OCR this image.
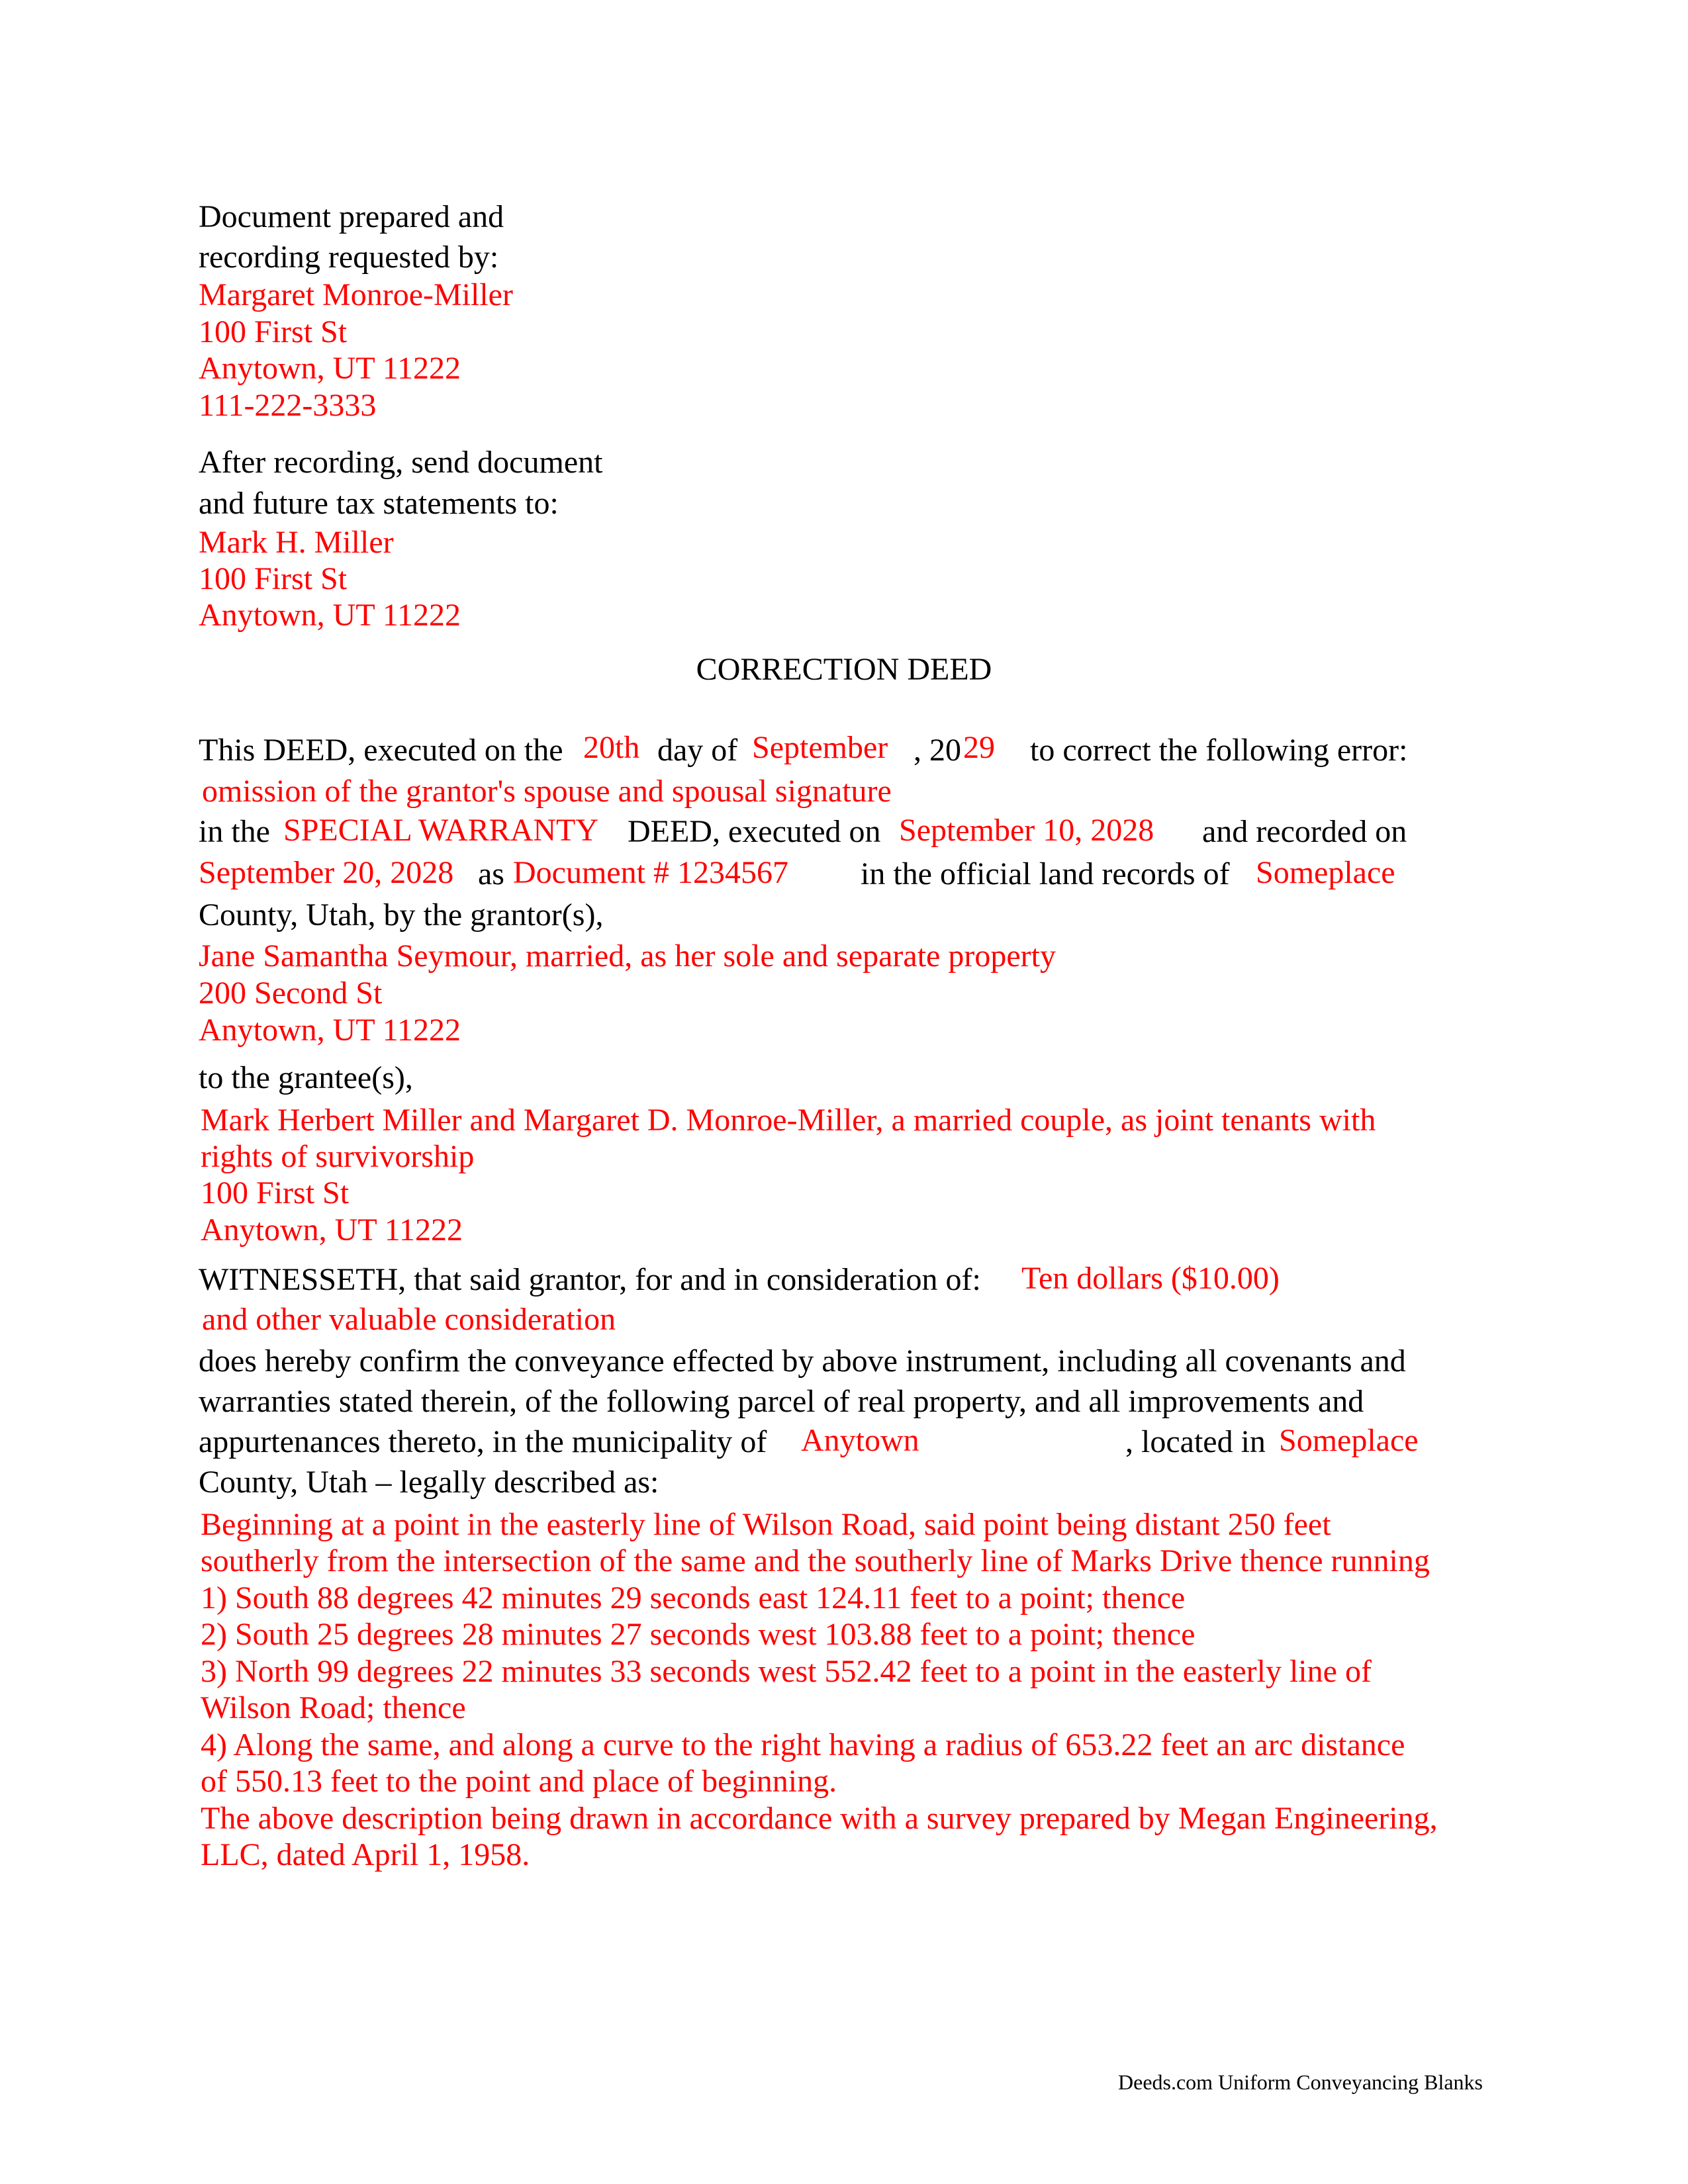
Document prepared and
recording requested by:
Margaret Monroe-Miller
100 First St
Anytown, UT 11222
111-222-3333
After recording, send document
and future tax statements to:
Mark H. Miller
100 First St
Anytown, UT 11222
CORRECTION DEED
This DEED, executed on the 20th day of September , 20 29 to correct the following error:
omission of the grantor's spouse and spousal signature
in the SPECIAL WARRANTY DEED, executed on September 10, 2028 and recorded on
September 20, 2028 as Document # 1234567 in the official land records of Someplace
County, Utah, by the grantor(s),
Jane Samantha Seymour, married, as her sole and separate property
200 Second St
Anytown, UT 11222
to the grantee(s),
Mark Herbert Miller and Margaret D. Monroe-Miller, a married couple, as joint tenants with
rights of survivorship
100 First St
Anytown, UT 11222
WITNESSETH, that said grantor, for and in consideration of: Ten dollars ($10.00)
and other valuable consideration
does hereby confirm the conveyance effected by above instrument, including all covenants and
warranties stated therein, of the following parcel of real property, and all improvements and
appurtenances thereto, in the municipality of Anytown	, located in Someplace
County, Utah – legally described as:
Beginning at a point in the easterly line of Wilson Road, said point being distant 250 feet
southerly from the intersection of the same and the southerly line of Marks Drive thence running
1) South 88 degrees 42 minutes 29 seconds east 124.11 feet to a point; thence
2) South 25 degrees 28 minutes 27 seconds west 103.88 feet to a point; thence
3) North 99 degrees 22 minutes 33 seconds west 552.42 feet to a point in the easterly line of
Wilson Road; thence
4) Along the same, and along a curve to the right having a radius of 653.22 feet an arc distance
of 550.13 feet to the point and place of beginning.
The above description being drawn in accordance with a survey prepared by Megan Engineering,
LLC, dated April 1, 1958.
Deeds.com Uniform Conveyancing Blanks
